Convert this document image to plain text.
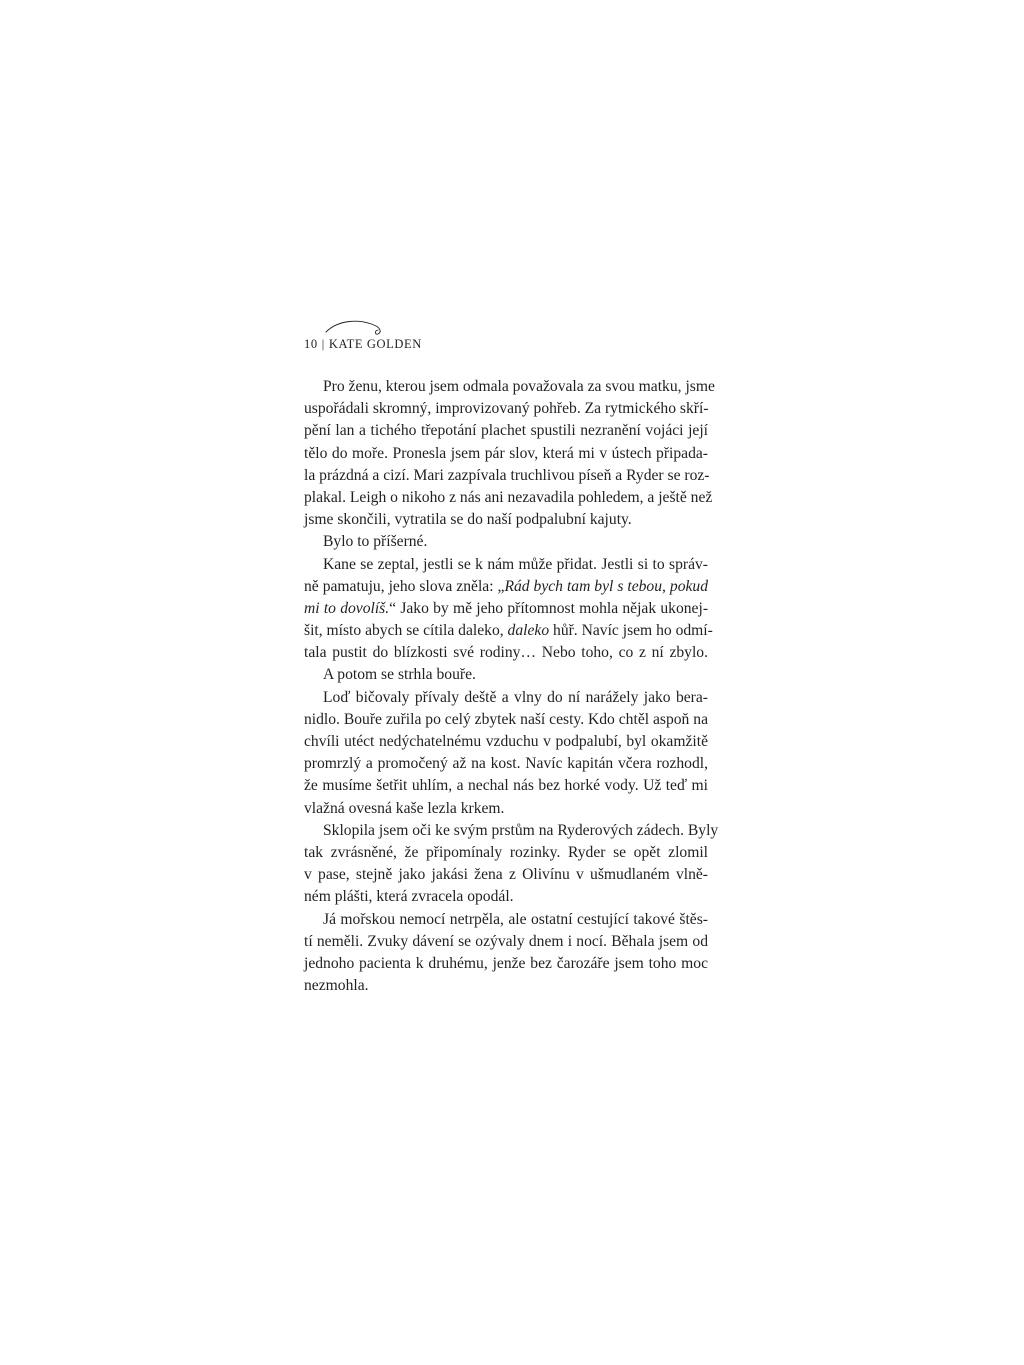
10 | KATE GOLDEN
Pro ženu, kterou jsem odmala považovala za svou matku, jsme
uspořádali skromný, improvizovaný pohřeb. Za rytmického skří-
pění lan a tichého třepotání plachet spustili nezranění vojáci její
tělo do moře. Pronesla jsem pár slov, která mi v ústech připada-
la prázdná a cizí. Mari zazpívala truchlivou píseň a Ryder se roz-
plakal. Leigh o nikoho z nás ani nezavadila pohledem, a ještě než
jsme skončili, vytratila se do naší podpalubní kajuty.
Bylo to příšerné.
Kane se zeptal, jestli se k nám může přidat. Jestli si to správ-
ně pamatuju, jeho slova zněla: „Rád bych tam byl s tebou, pokud
mi to dovolíš.“ Jako by mě jeho přítomnost mohla nějak ukonej-
šit, místo abych se cítila daleko, daleko hůř. Navíc jsem ho odmí-
tala pustit do blízkosti své rodiny… Nebo toho, co z ní zbylo.
A potom se strhla bouře.
Loď bičovaly přívaly deště a vlny do ní narážely jako bera-
nidlo. Bouře zuřila po celý zbytek naší cesty. Kdo chtěl aspoň na
chvíli utéct nedýchatelnému vzduchu v podpalubí, byl okamžitě
promrzlý a promočený až na kost. Navíc kapitán včera rozhodl,
že musíme šetřit uhlím, a nechal nás bez horké vody. Už teď mi
vlažná ovesná kaše lezla krkem.
Sklopila jsem oči ke svým prstům na Ryderových zádech. Byly
tak zvrásněné, že připomínaly rozinky. Ryder se opět zlomil
v pase, stejně jako jakási žena z Olivínu v ušmudlaném vlně-
ném plášti, která zvracela opodál.
Já mořskou nemocí netrpěla, ale ostatní cestující takové štěs-
tí neměli. Zvuky dávení se ozývaly dnem i nocí. Běhala jsem od
jednoho pacienta k druhému, jenže bez čarozáře jsem toho moc
nezmohla.
